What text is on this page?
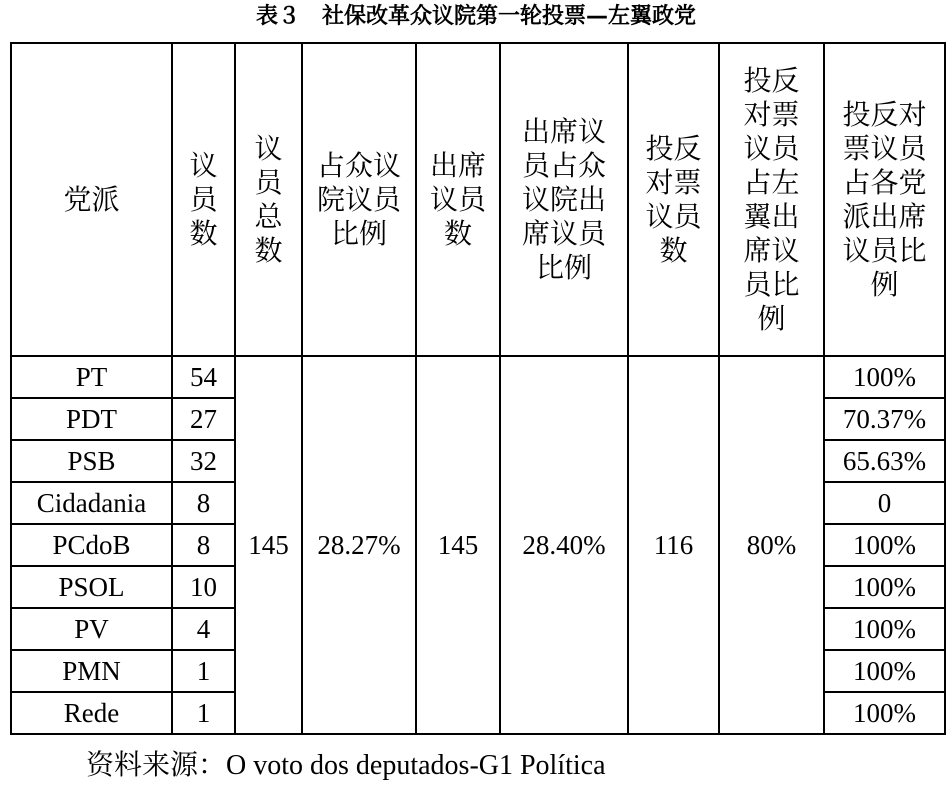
表３　社保改革众议院第一轮投票—左翼政党
党派	议员数	议员总数	占众议院议员比例	出席议员数	出席议员占众议院出席议员比例	投反对票议员数	投反对票议员占左翼出席议员比例	投反对票议员占各党派出席议员比例
PT	54	145	28.27%	145	28.40%	116	80%	100%
PDT	27							70.37%
PSB	32							65.63%
Cidadania	8							0
PCdoB	8							100%
PSOL	10							100%
PV	4							100%
PMN	1							100%
Rede	1							100%
资料来源：O voto dos deputados-G1 Política
